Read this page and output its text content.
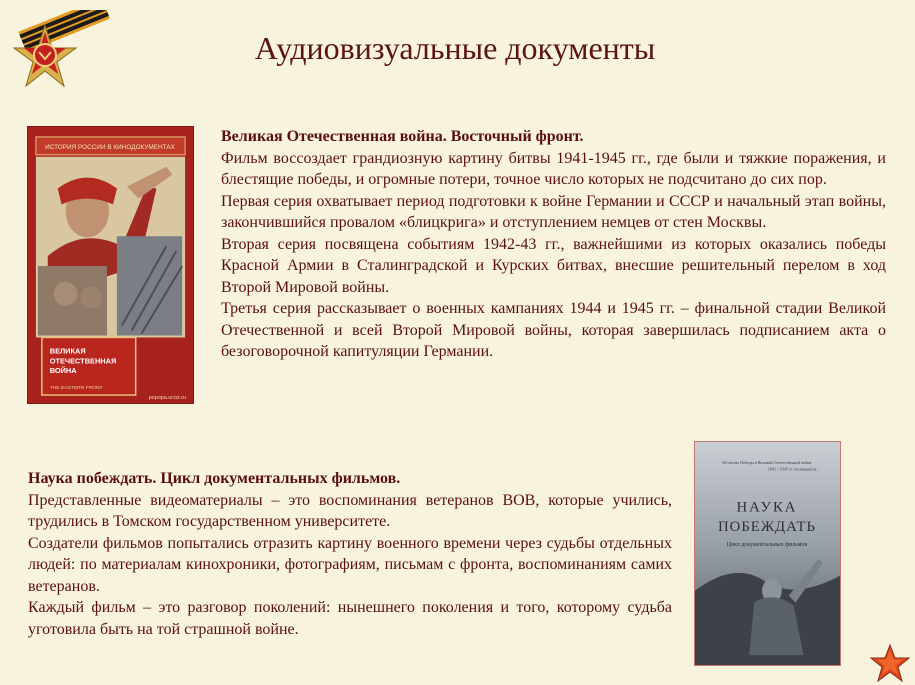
Аудиовизуальные документы
ИСТОРИЯ РОССИИ В КИНОДОКУМЕНТАХ
ВЕЛИКАЯ
ОТЕЧЕСТВЕННАЯ
ВОЙНА
THE EASTERN FRONT
popopa.ucoz.ru

Великая Отечественная война. Восточный фронт.

Фильм воссоздает грандиозную картину битвы 1941-1945 гг., где были и тяжкие поражения, и блестящие победы, и огромные потери, точное число которых не подсчитано до сих пор.

Первая серия охватывает период подготовки к войне Германии и СССР и начальный этап войны, закончившийся провалом «блицкрига» и отступлением немцев от стен Москвы.

Вторая серия посвящена событиям 1942-43 гг., важнейшими из которых оказались победы Красной Армии в Сталинградской и Курских битвах, внесшие решительный перелом в ход Второй Мировой войны.

Третья серия рассказывает о военных кампаниях 1944 и 1945 гг. – финальной стадии Великой Отечественной и всей Второй Мировой войны, которая завершилась подписанием акта о безоговорочной капитуляции Германии.

Наука побеждать. Цикл документальных фильмов.

Представленные видеоматериалы – это воспоминания ветеранов ВОВ, которые учились, трудились в Томском государственном университете.

Создатели фильмов попытались отразить картину военного времени через судьбы отдельных людей: по материалам кинохроники, фотографиям, письмам с фронта, воспоминаниям самих ветеранов.

Каждый фильм – это разговор поколений: нынешнего поколения и того, которому судьба уготовила быть на той страшной войне.

60-летию Победы в Великой Отечественной войне
1941 - 1945 гг. посвящается...
НАУКА
ПОБЕЖДАТЬ
Цикл документальных фильмов
